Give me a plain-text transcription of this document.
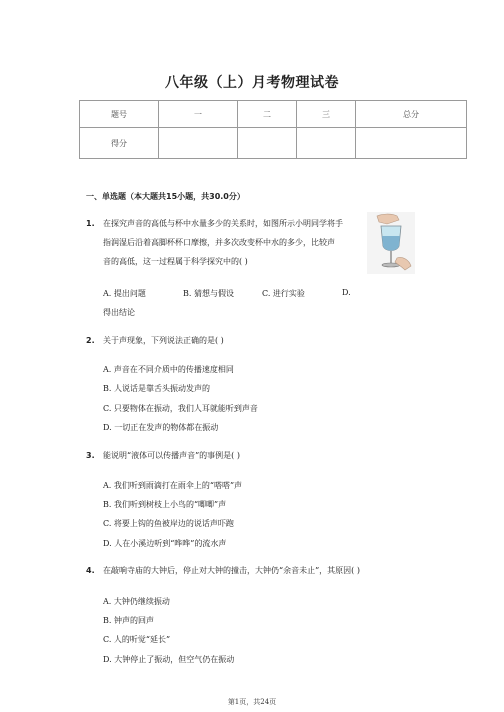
八年级（上）月考物理试卷
题号	一	二	三	总分
得分				
一、单选题（本大题共15小题，共30.0分）
1. 在探究声音的高低与杯中水量多少的关系时，如图所示小明同学将手
指润湿后沿着高脚杯杯口摩擦，并多次改变杯中水的多少，比较声
音的高低，这一过程属于科学探究中的( )
A. 提出问题	B. 猜想与假设	C. 进行实验	D.
得出结论
2. 关于声现象，下列说法正确的是( )
A. 声音在不同介质中的传播速度相同
B. 人说话是靠舌头振动发声的
C. 只要物体在振动，我们人耳就能听到声音
D. 一切正在发声的物体都在振动
3. 能说明“液体可以传播声音”的事例是( )
A. 我们听到雨滴打在雨伞上的“嗒嗒”声
B. 我们听到树枝上小鸟的“唧唧”声
C. 将要上钩的鱼被岸边的说话声吓跑
D. 人在小溪边听到“哗哗”的流水声
4. 在敲响寺庙的大钟后，停止对大钟的撞击，大钟仍“余音未止”，其原因( )
A. 大钟仍继续振动
B. 钟声的回声
C. 人的听觉“延长”
D. 大钟停止了振动，但空气仍在振动
第1页，共24页
